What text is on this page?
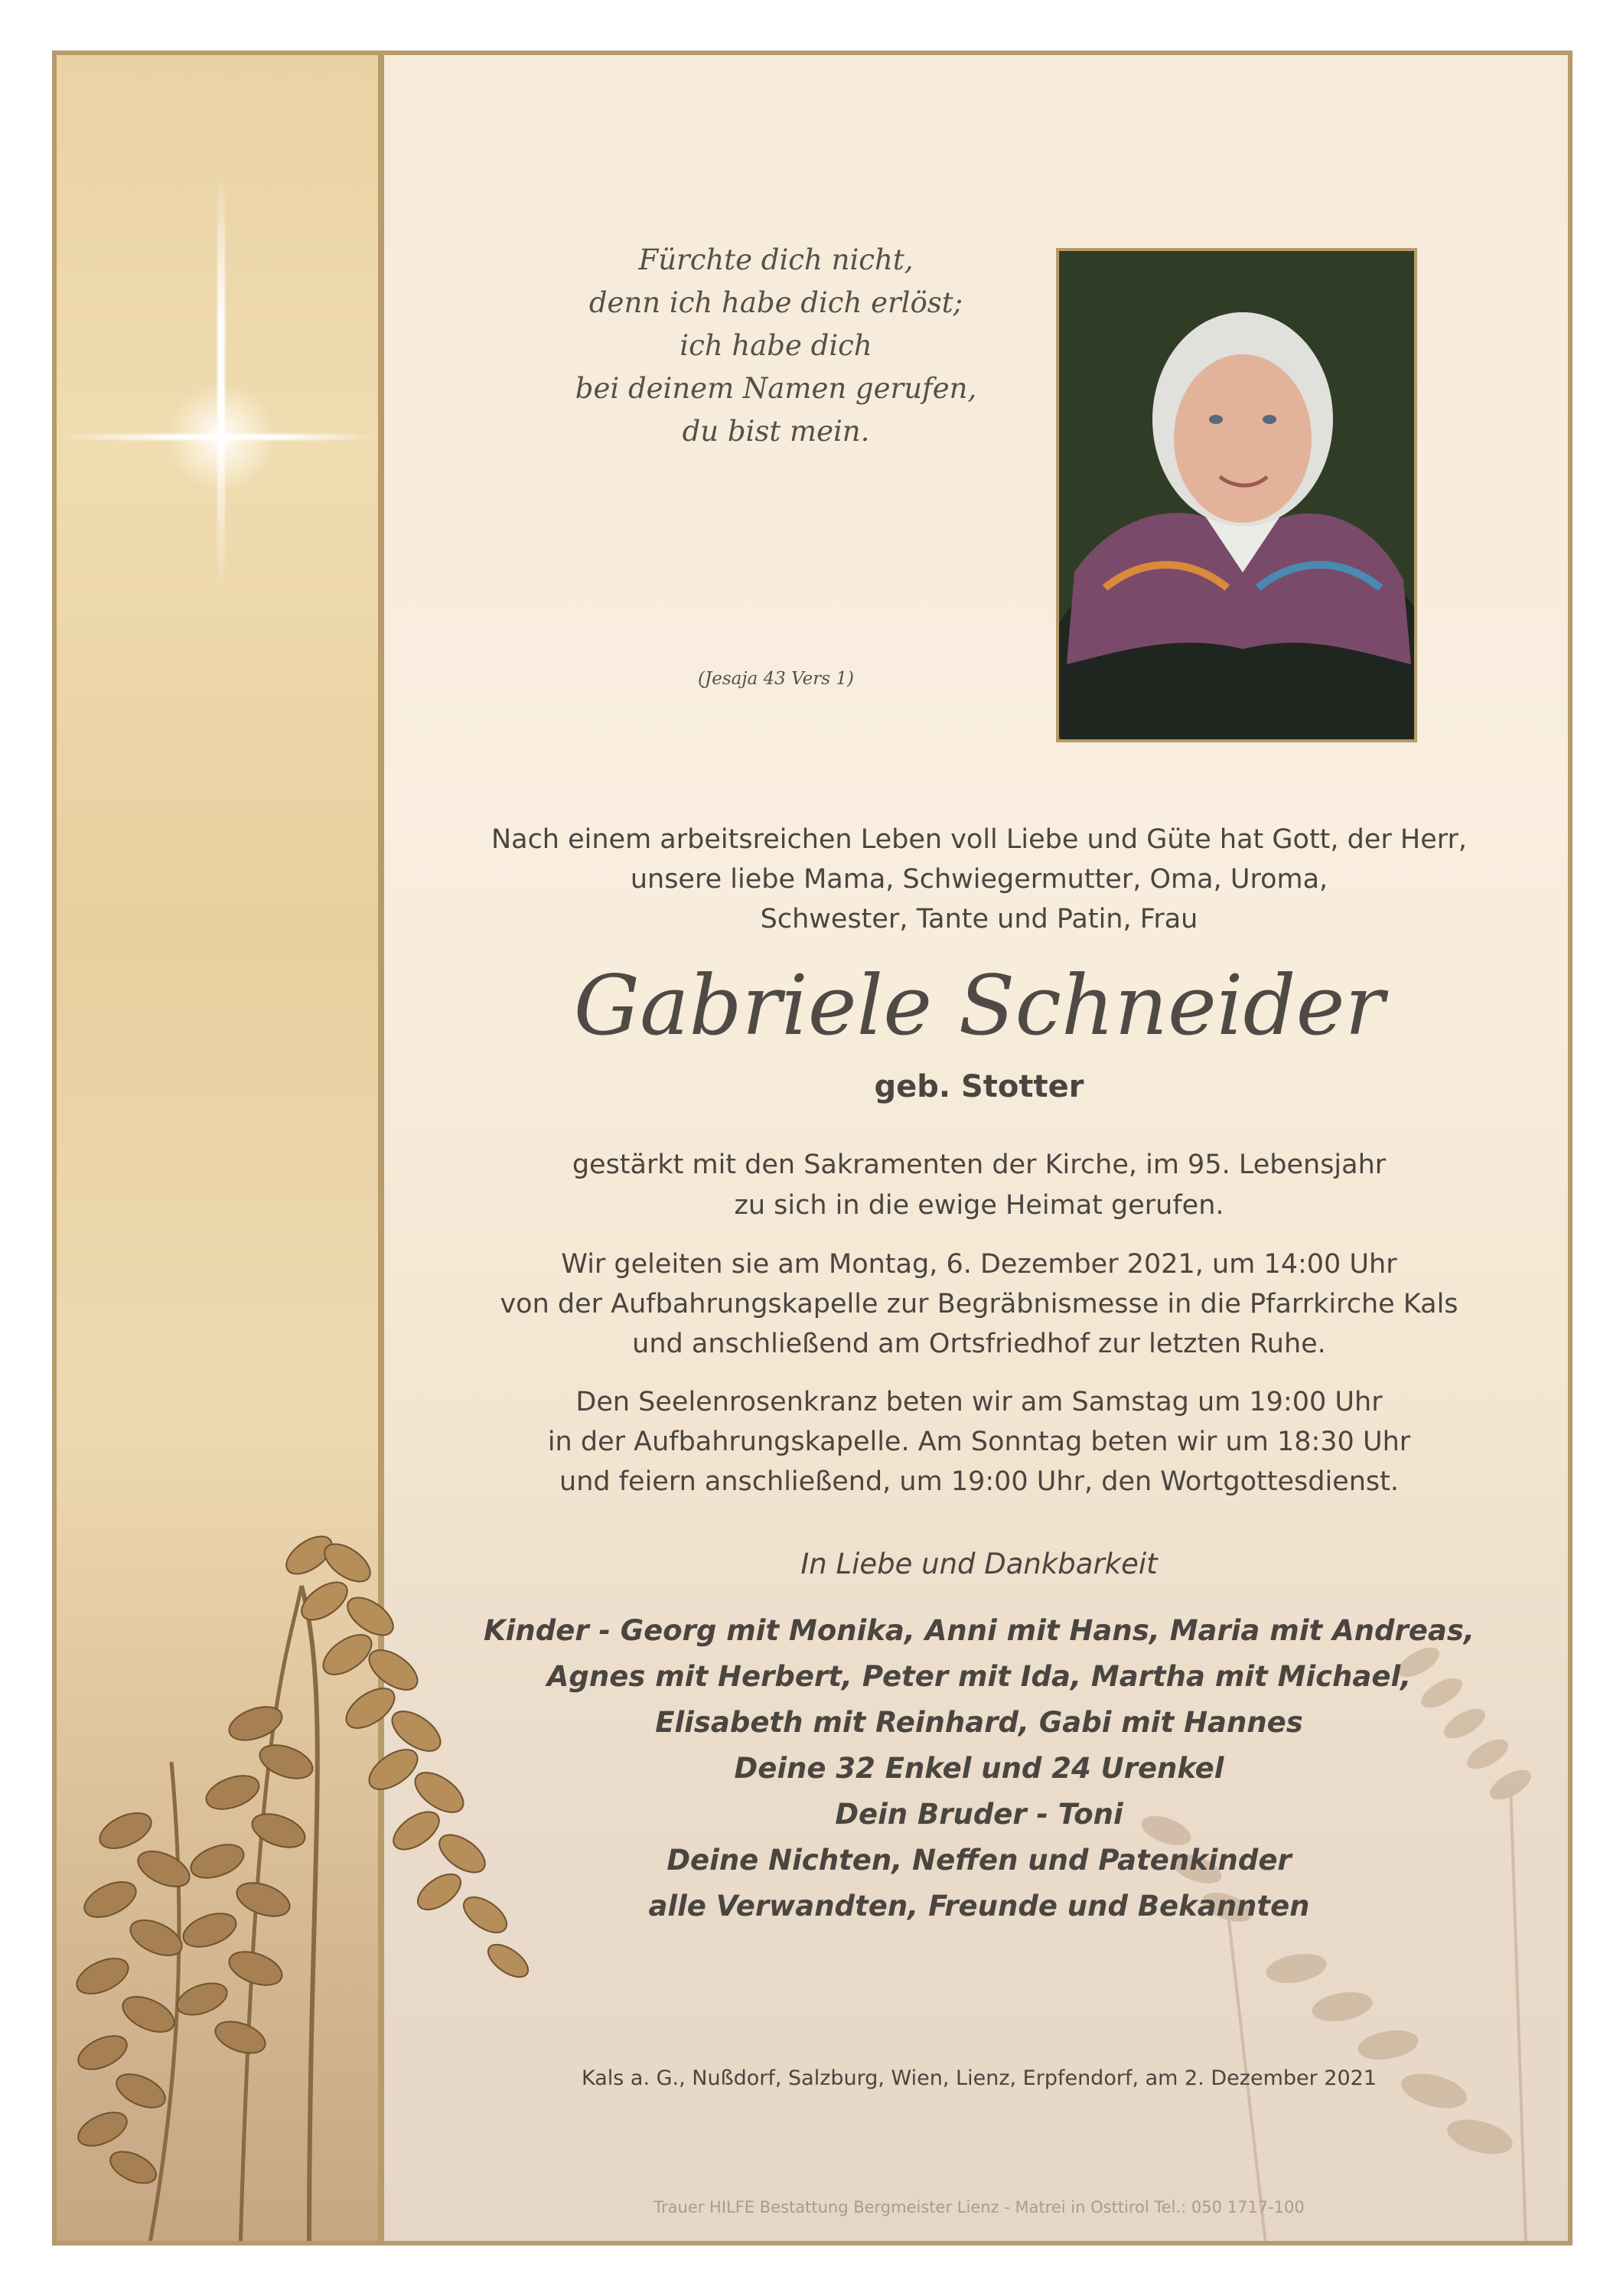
Fürchte dich nicht,
denn ich habe dich erlöst;
ich habe dich
bei deinem Namen gerufen,
du bist mein.
(Jesaja 43 Vers 1)
Nach einem arbeitsreichen Leben voll Liebe und Güte hat Gott, der Herr,
unsere liebe Mama, Schwiegermutter, Oma, Uroma,
Schwester, Tante und Patin, Frau
Gabriele Schneider
geb. Stotter
gestärkt mit den Sakramenten der Kirche, im 95. Lebensjahr
zu sich in die ewige Heimat gerufen.
Wir geleiten sie am Montag, 6. Dezember 2021, um 14:00 Uhr
von der Aufbahrungskapelle zur Begräbnismesse in die Pfarrkirche Kals
und anschließend am Ortsfriedhof zur letzten Ruhe.
Den Seelenrosenkranz beten wir am Samstag um 19:00 Uhr
in der Aufbahrungskapelle. Am Sonntag beten wir um 18:30 Uhr
und feiern anschließend, um 19:00 Uhr, den Wortgottesdienst.
In Liebe und Dankbarkeit
Kinder - Georg mit Monika, Anni mit Hans, Maria mit Andreas,
Agnes mit Herbert, Peter mit Ida, Martha mit Michael,
Elisabeth mit Reinhard, Gabi mit Hannes
Deine 32 Enkel und 24 Urenkel
Dein Bruder - Toni
Deine Nichten, Neffen und Patenkinder
alle Verwandten, Freunde und Bekannten
Kals a. G., Nußdorf, Salzburg, Wien, Lienz, Erpfendorf, am 2. Dezember 2021
Trauer HILFE Bestattung Bergmeister Lienz - Matrei in Osttirol Tel.: 050 1717-100
